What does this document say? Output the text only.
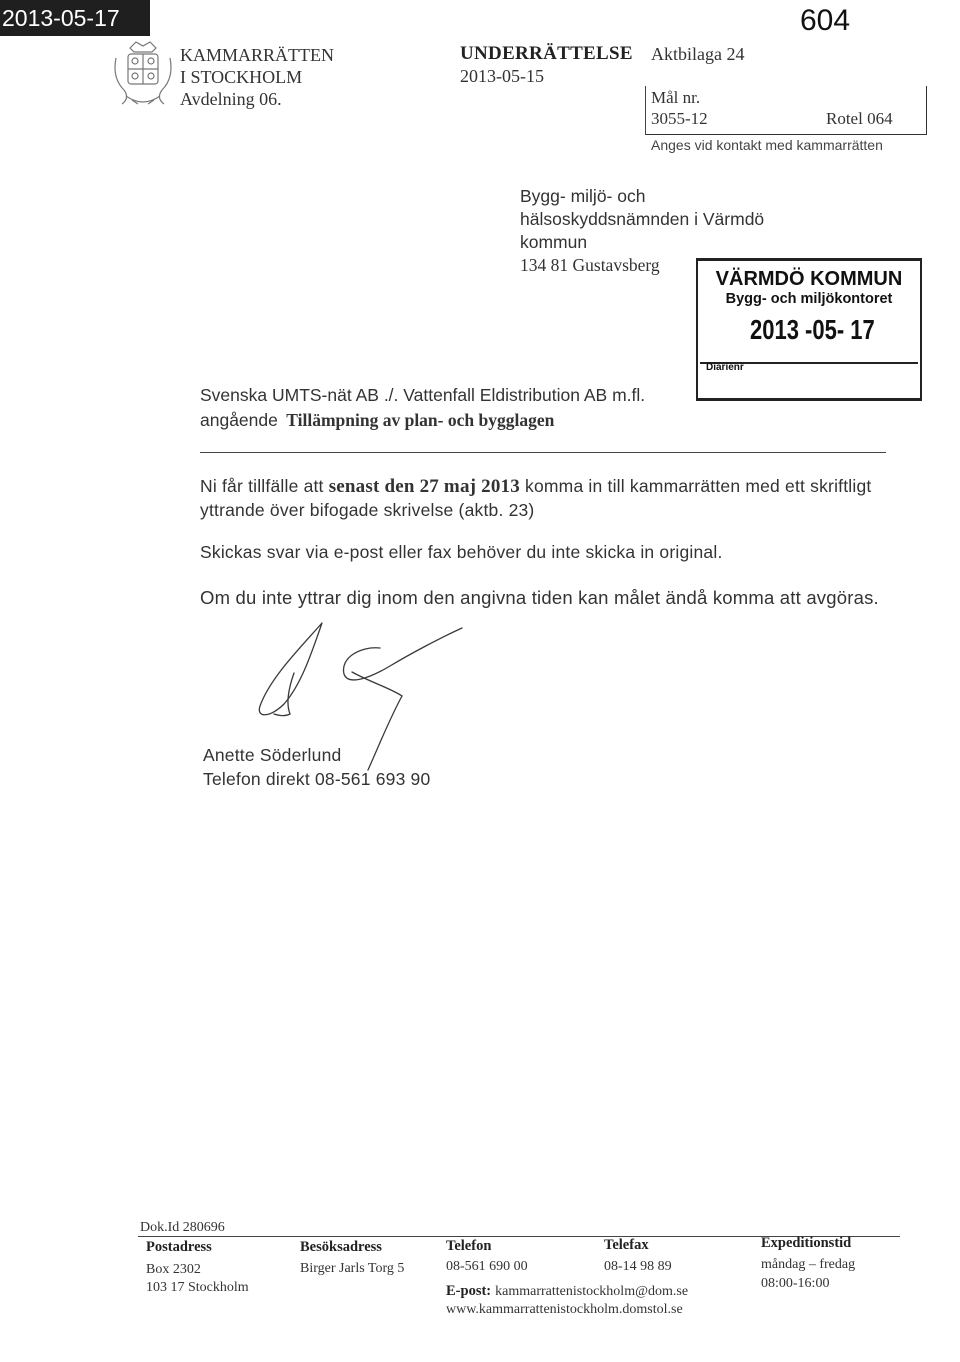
2013-05-17	604
KAMMARRÄTTEN
I STOCKHOLM
Avdelning 06.
UNDERRÄTTELSE
2013-05-15
Aktbilaga 24
Mål nr.
3055-12	Rotel 064
Anges vid kontakt med kammarrätten
Bygg- miljö- och
hälsoskyddsnämnden i Värmdö
kommun
134 81 Gustavsberg
VÄRMDÖ KOMMUN
Bygg- och miljökontoret
2013 -05- 17
Diarienr
Svenska UMTS-nät AB ./. Vattenfall Eldistribution AB m.fl.
angående Tillämpning av plan- och bygglagen
Ni får tillfälle att senast den 27 maj 2013 komma in till kammarrätten med ett skriftligt
yttrande över bifogade skrivelse (aktb. 23)
Skickas svar via e-post eller fax behöver du inte skicka in original.
Om du inte yttrar dig inom den angivna tiden kan målet ändå komma att avgöras.
Anette Söderlund
Telefon direkt 08-561 693 90
Dok.Id 280696
Postadress
Box 2302
103 17 Stockholm
Besöksadress
Birger Jarls Torg 5
Telefon
08-561 690 00
Telefax
08-14 98 89
E-post: kammarrattenistockholm@dom.se
www.kammarrattenistockholm.domstol.se
Expeditionstid
måndag – fredag
08:00-16:00
